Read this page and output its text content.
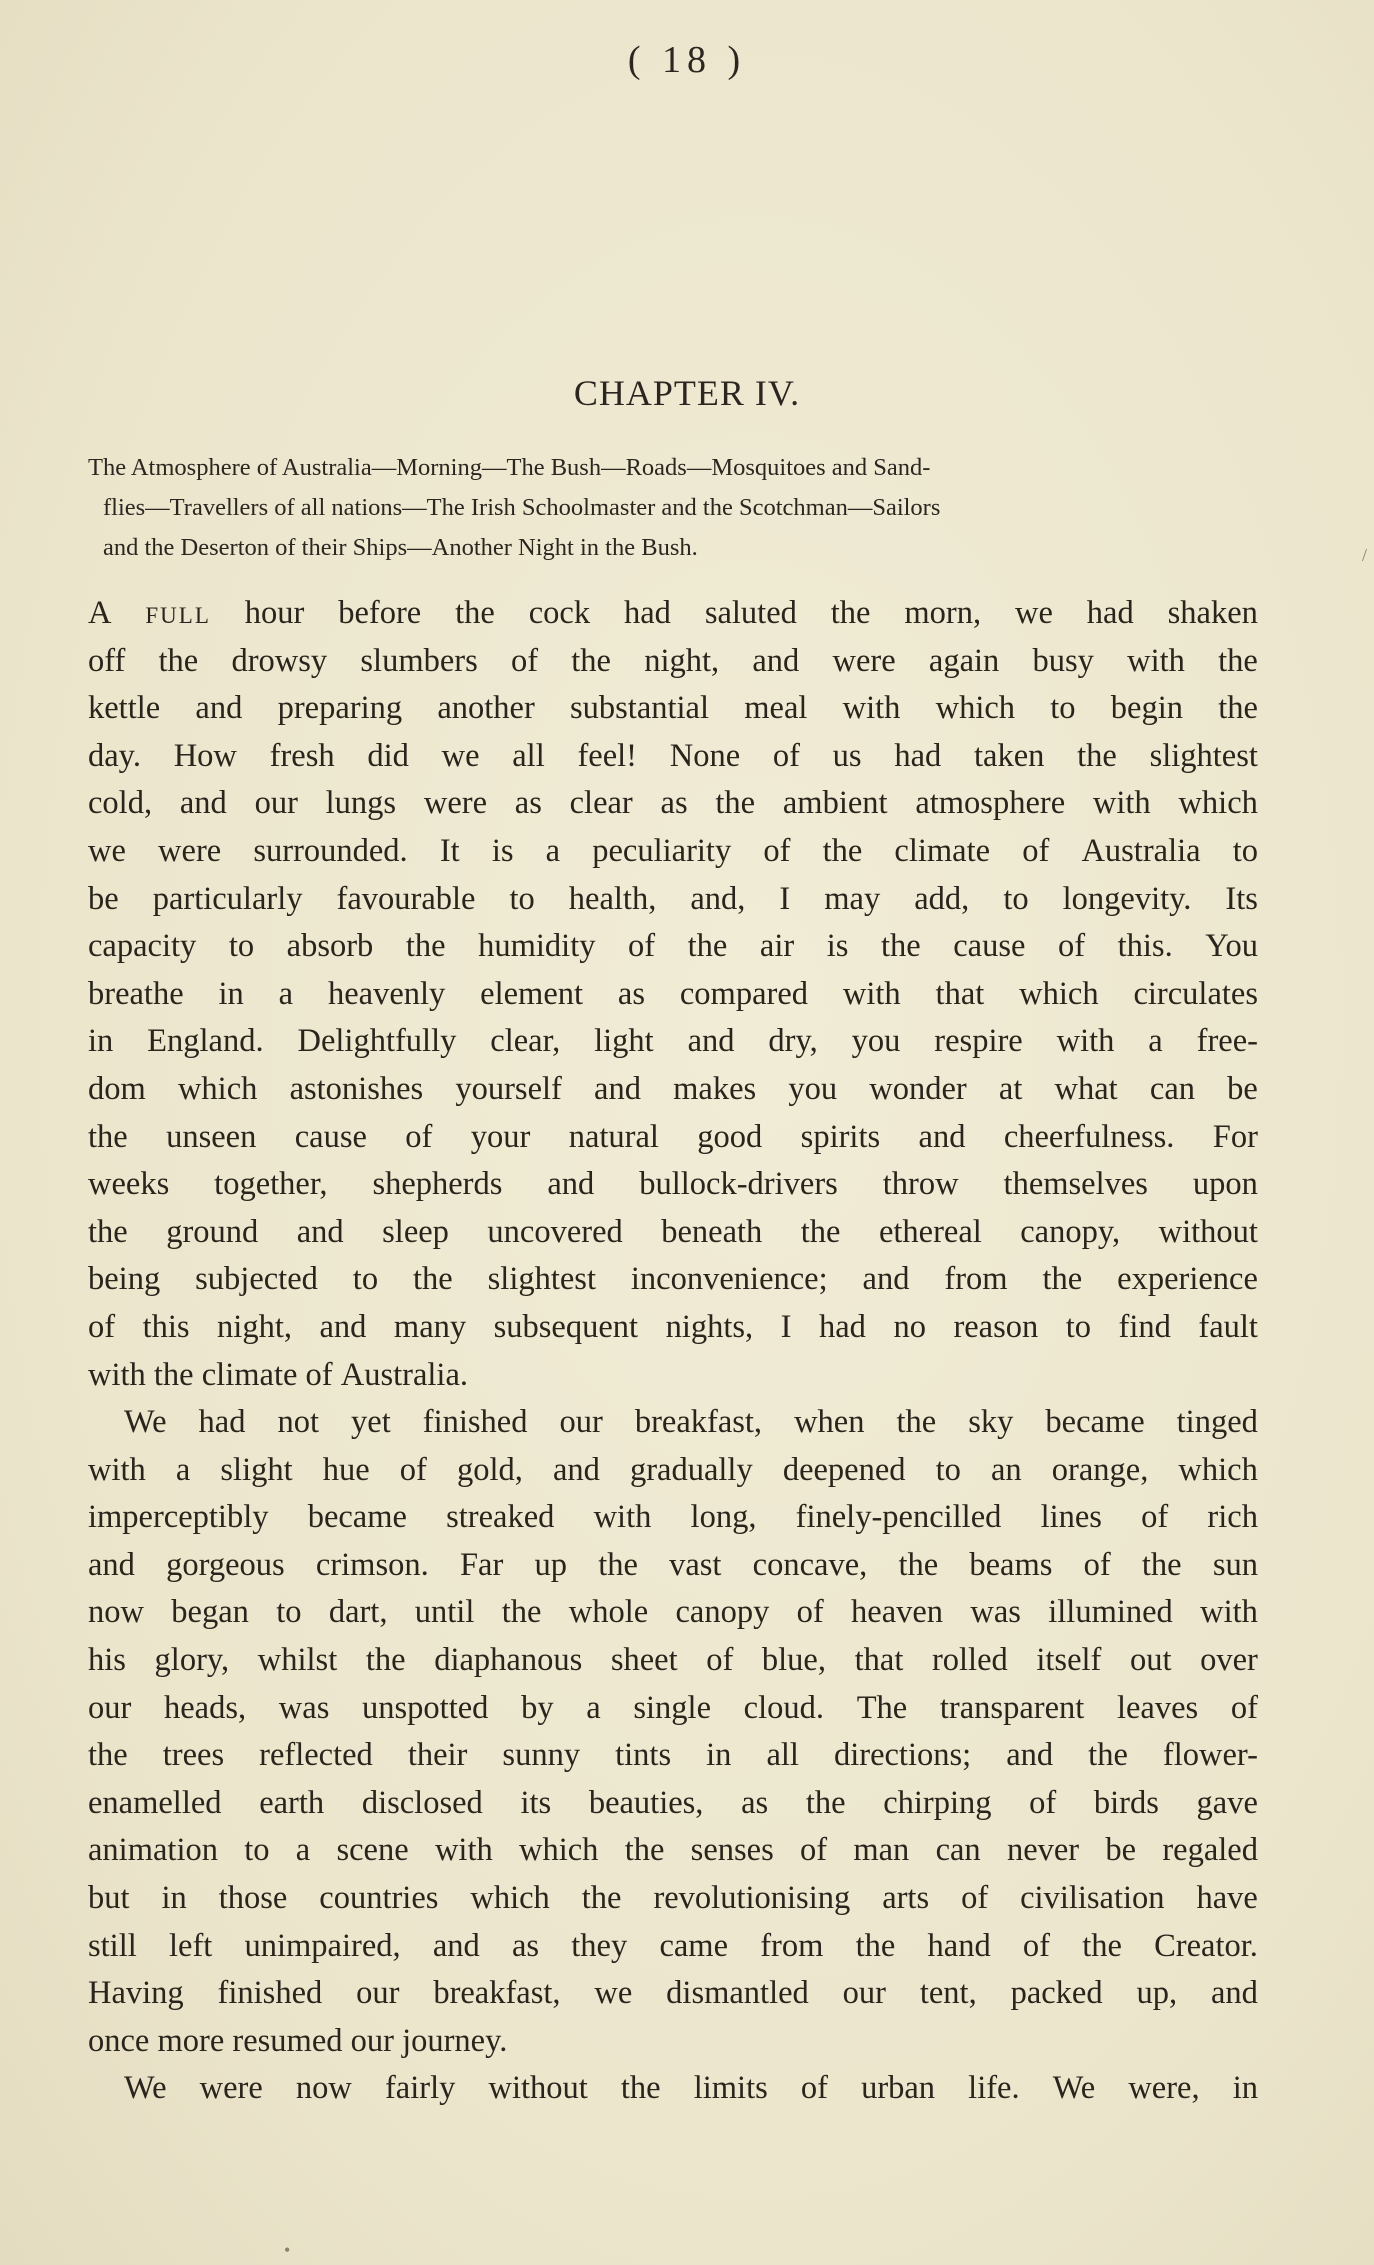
( 18 )
CHAPTER IV.
The Atmosphere of Australia—Morning—The Bush—Roads—Mosquitoes and Sand-
flies—Travellers of all nations—The Irish Schoolmaster and the Scotchman—Sailors
and the Deserton of their Ships—Another Night in the Bush.
A full hour before the cock had saluted the morn, we had shaken
off the drowsy slumbers of the night, and were again busy with the
kettle and preparing another substantial meal with which to begin the
day. How fresh did we all feel! None of us had taken the slightest
cold, and our lungs were as clear as the ambient atmosphere with which
we were surrounded. It is a peculiarity of the climate of Australia to
be particularly favourable to health, and, I may add, to longevity. Its
capacity to absorb the humidity of the air is the cause of this. You
breathe in a heavenly element as compared with that which circulates
in England. Delightfully clear, light and dry, you respire with a free-
dom which astonishes yourself and makes you wonder at what can be
the unseen cause of your natural good spirits and cheerfulness. For
weeks together, shepherds and bullock-drivers throw themselves upon
the ground and sleep uncovered beneath the ethereal canopy, without
being subjected to the slightest inconvenience; and from the experience
of this night, and many subsequent nights, I had no reason to find fault
with
the
climate
of
Australia.

We had not yet finished our breakfast, when the sky became tinged
with a slight hue of gold, and gradually deepened to an orange, which
imperceptibly became streaked with long, finely-pencilled lines of rich
and gorgeous crimson. Far up the vast concave, the beams of the sun
now began to dart, until the whole canopy of heaven was illumined with
his glory, whilst the diaphanous sheet of blue, that rolled itself out over
our heads, was unspotted by a single cloud. The transparent leaves of
the trees reflected their sunny tints in all directions; and the flower-
enamelled earth disclosed its beauties, as the chirping of birds gave
animation to a scene with which the senses of man can never be regaled
but in those countries which the revolutionising arts of civilisation have
still left unimpaired, and as they came from the hand of the Creator.
Having finished our breakfast, we dismantled our tent, packed up, and
once
more
resumed
our
journey.

We were now fairly without the limits of urban life. We were, in
/
•
